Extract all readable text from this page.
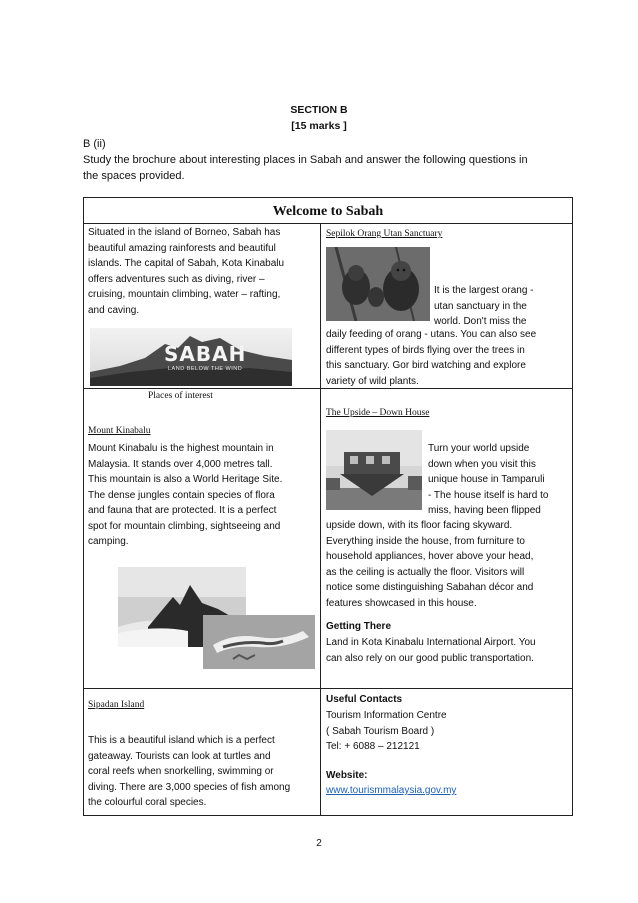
SECTION B
[15 marks ]
B (ii)
Study the brochure about interesting places in Sabah and answer the following questions in
the spaces provided.
Welcome to Sabah
Situated in the island of Borneo, Sabah has
beautiful amazing rainforests and beautiful
islands. The capital of Sabah, Kota Kinabalu
offers adventures such as diving, river –
cruising, mountain climbing, water – rafting,
and caving.
SABAH
LAND BELOW THE WIND
Sepilok Orang Utan Sanctuary
It is the largest orang -
utan sanctuary in the
world. Don't miss the
daily feeding of orang - utans. You can also see
different types of birds flying over the trees in
this sanctuary. Gor bird watching and explore
variety of wild plants.
Places of interest
Mount Kinabalu
Mount Kinabalu is the highest mountain in
Malaysia. It stands over 4,000 metres tall.
This mountain is also a World Heritage Site.
The dense jungles contain species of flora
and fauna that are protected. It is a perfect
spot for mountain climbing, sightseeing and
camping.
The Upside – Down House
Turn your world upside
down when you visit this
unique house in Tamparuli
- The house itself is hard to
miss, having been flipped
upside down, with its floor facing skyward.
Everything inside the house, from furniture to
household appliances, hover above your head,
as the ceiling is actually the floor. Visitors will
notice some distinguishing Sabahan décor and
features showcased in this house.
Getting There
Land in Kota Kinabalu International Airport. You
can also rely on our good public transportation.
Sipadan Island
This is a beautiful island which is a perfect
gateaway. Tourists can look at turtles and
coral reefs when snorkelling, swimming or
diving. There are 3,000 species of fish among
the colourful coral species.
Useful Contacts
Tourism Information Centre
( Sabah Tourism Board )
Tel: + 6088 – 212121
Website:
www.tourismmalaysia.gov.my
2
